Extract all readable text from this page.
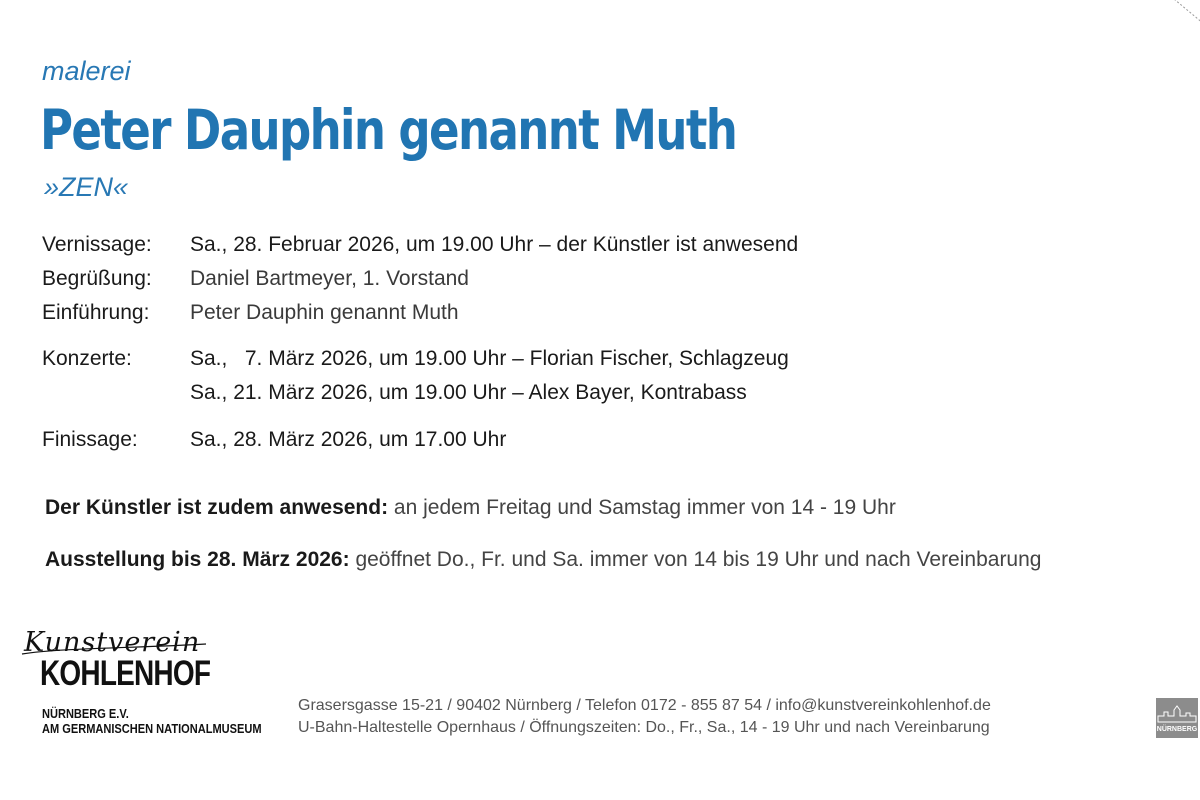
malerei
Peter Dauphin genannt Muth
»ZEN«
Vernissage: Sa., 28. Februar 2026, um 19.00 Uhr – der Künstler ist anwesend
Begrüßung: Daniel Bartmeyer, 1. Vorstand
Einführung: Peter Dauphin genannt Muth
Konzerte:	Sa.,   7. März 2026, um 19.00 Uhr – Florian Fischer, Schlagzeug
Sa., 21. März 2026, um 19.00 Uhr – Alex Bayer, Kontrabass
Finissage: Sa., 28. März 2026, um 17.00 Uhr
Der Künstler ist zudem anwesend: an jedem Freitag und Samstag immer von 14 - 19 Uhr
Ausstellung bis 28. März 2026: geöffnet Do., Fr. und Sa. immer von 14 bis 19 Uhr und nach Vereinbarung
Kunstverein
KOHLENHOF
NÜRNBERG E.V.
AM GERMANISCHEN NATIONALMUSEUM
Grasersgasse 15-21 / 90402 Nürnberg / Telefon 0172 - 855 87 54 / info@kunstvereinkohlenhof.de
U-Bahn-Haltestelle Opernhaus / Öffnungszeiten: Do., Fr., Sa., 14 - 19 Uhr und nach Vereinbarung	NÜRNBERG
